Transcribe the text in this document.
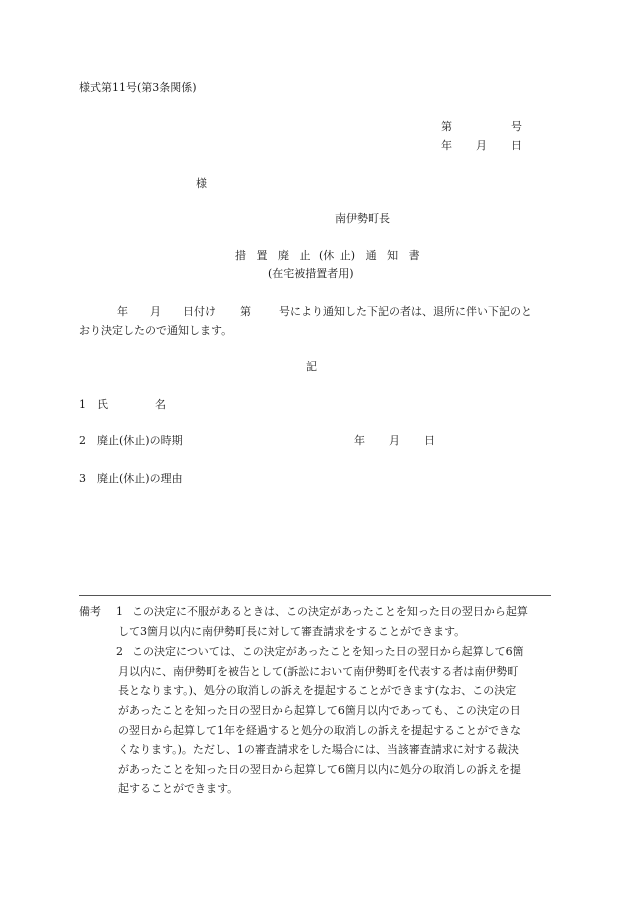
様式第11号(第3条関係)
第	号
年 月 日
様
南伊勢町長
措 置 廃 止 (休 止) 通 知 書
(在宅被措置者用)
年 月 日付け 第	号により通知した下記の者は、退所に伴い下記のと
おり決定したので通知します。
記
1 氏	名
2 廃止(休止)の時期	年 月 日
3 廃止(休止)の理由
備考 1 この決定に不服があるときは、この決定があったことを知った日の翌日から起算
して3箇月以内に南伊勢町長に対して審査請求をすることができます。
2 この決定については、この決定があったことを知った日の翌日から起算して6箇
月以内に、南伊勢町を被告として(訴訟において南伊勢町を代表する者は南伊勢町
長となります。)、処分の取消しの訴えを提起することができます(なお、この決定
があったことを知った日の翌日から起算して6箇月以内であっても、この決定の日
の翌日から起算して1年を経過すると処分の取消しの訴えを提起することができな
くなります。)。ただし、1の審査請求をした場合には、当該審査請求に対する裁決
があったことを知った日の翌日から起算して6箇月以内に処分の取消しの訴えを提
起することができます。
